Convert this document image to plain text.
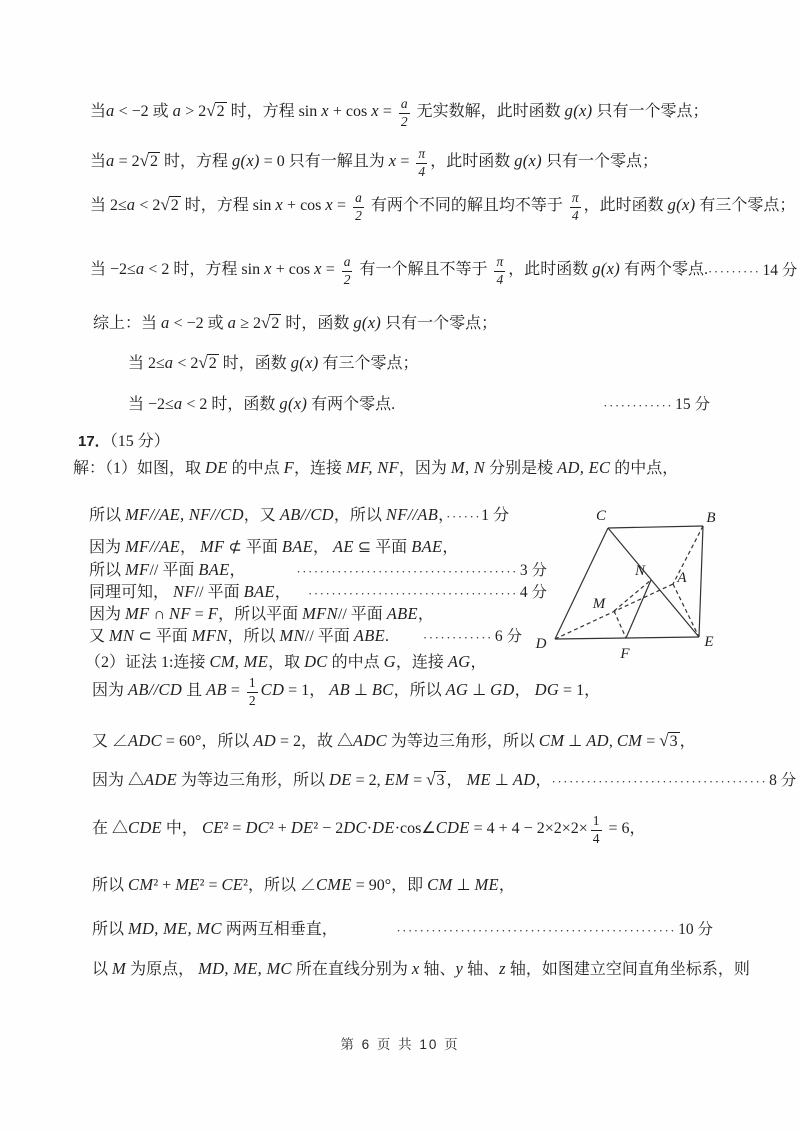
当a < −2 或 a > 2√2 时，方程 $\sin x + \cos x = \frac{a}{2}$ 无实数解，此时函数 g(x) 只有一个零点；
当a = 2√2 时，方程 g(x) = 0 只有一解且为 $x = \frac{\pi}{4}$ ，此时函数 g(x) 只有一个零点；
当 2≤a < 2√2 时，方程 $\sin x + \cos x = \frac{a}{2}$ 有两个不同的解且均不等于 $\frac{\pi}{4}$ ，此时函数 g(x) 有三个零点；
当 −2≤a < 2 时，方程 $\sin x + \cos x = \frac{a}{2}$ 有一个解且不等于 $\frac{\pi}{4}$ ，此时函数 g(x) 有两个零点. ········· 14 分
综上：当 a < −2 或 a ≥ 2√2 时，函数 g(x) 只有一个零点；
当 2≤a < 2√2 时，函数 g(x) 有三个零点；
当 −2≤a < 2 时，函数 g(x) 有两个零点.	············ 15 分
17．（15 分）
解：（1）如图，取 DE 的中点 F，连接 MF, NF，因为 M, N 分别是棱 AD, EC 的中点，
所以 MF//AE, NF//CD，又 AB//CD，所以 NF//AB，······1 分
因为 MF//AE， MF ⊄ 平面 BAE， AE ⊆ 平面 BAE，
所以 MF// 平面 BAE，	······································ 3 分
同理可知， NF// 平面 BAE， ···································· 4 分
因为 MF ∩ NF = F，所以平面 MFN// 平面 ABE，
又 MN ⊂ 平面 MFN，所以 MN// 平面 ABE.	············ 6 分
（2）证法 1:连接 CM, ME，取 DC 的中点 G，连接 AG，
因为 AB//CD 且 AB = $\frac{1}{2}$ CD = 1， AB ⊥ BC，所以 AG ⊥ GD， DG = 1，
又 ∠ADC = 60°，所以 AD = 2，故 △ADC 为等边三角形，所以 CM ⊥ AD, CM = √3 ，
因为 △ADE 为等边三角形，所以 DE = 2, EM = √3 ， ME ⊥ AD， ····································· 8 分
在 △CDE 中， CE² = DC² + DE² − 2DC·DE·cos∠CDE = $4 + 4 - 2\times 2\times 2\times \frac{1}{4} = 6$，
所以 CM² + ME² = CE²，所以 ∠CME = 90°，即 CM ⊥ ME，
所以 MD, ME, MC 两两互相垂直，	················································ 10 分
以 M 为原点， MD, ME, MC 所在直线分别为 x 轴、y 轴、z 轴，如图建立空间直角坐标系，则
C	B
D	E
F
M
N A
第 6 页 共 10 页
